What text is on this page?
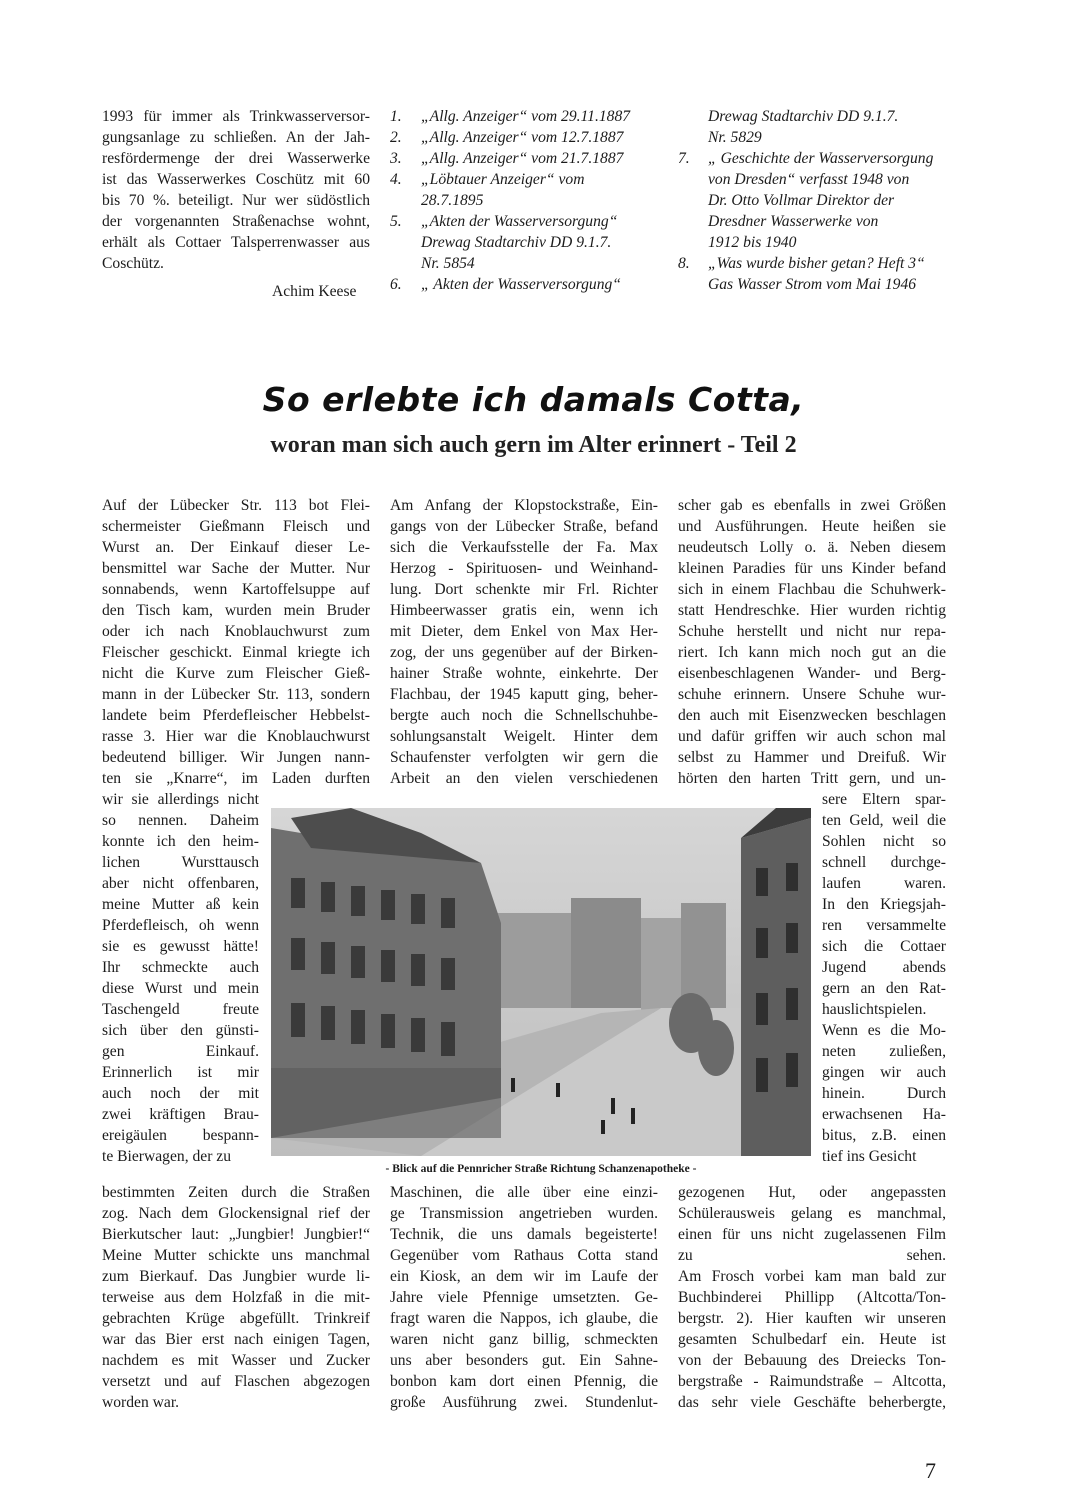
1993 für immer als Trinkwasserversor-
gungsanlage zu schließen. An der Jah-
resfördermenge der drei Wasserwerke
ist das Wasserwerkes Coschütz mit 60
bis 70 %. beteiligt. Nur wer südöstlich
der vorgenannten Straßenachse wohnt,
erhält als Cottaer Talsperrenwasser aus
Coschütz.
Achim Keese
1. „Allg. Anzeiger“ vom 29.11.1887
2. „Allg. Anzeiger“ vom 12.7.1887
3. „Allg. Anzeiger“ vom 21.7.1887
4. „Löbtauer Anzeiger“ vom
28.7.1895
5. „Akten der Wasserversorgung“
Drewag Stadtarchiv DD 9.1.7.
Nr. 5854
6. „ Akten der Wasserversorgung“
Drewag Stadtarchiv DD 9.1.7.
Nr. 5829
7. „ Geschichte der Wasserversorgung
von Dresden“ verfasst 1948 von
Dr. Otto Vollmar Direktor der
Dresdner Wasserwerke von
1912 bis 1940
8. „Was wurde bisher getan? Heft 3“
Gas Wasser Strom vom Mai 1946
So erlebte ich damals Cotta,
woran man sich auch gern im Alter erinnert - Teil 2
Auf der Lübecker Str. 113 bot Flei-
schermeister Gießmann Fleisch und
Wurst an. Der Einkauf dieser Le-
bensmittel war Sache der Mutter. Nur
sonnabends, wenn Kartoffelsuppe auf
den Tisch kam, wurden mein Bruder
oder ich nach Knoblauchwurst zum
Fleischer geschickt. Einmal kriegte ich
nicht die Kurve zum Fleischer Gieß-
mann in der Lübecker Str. 113, sondern
landete beim Pferdefleischer Hebbelst-
rasse 3. Hier war die Knoblauchwurst
bedeutend billiger. Wir Jungen nann-
ten sie „Knarre“, im Laden durften
wir sie allerdings nicht
so nennen. Daheim
konnte ich den heim-
lichen Wursttausch
aber nicht offenbaren,
meine Mutter aß kein
Pferdefleisch, oh wenn
sie es gewusst hätte!
Ihr schmeckte auch
diese Wurst und mein
Taschengeld freute
sich über den günsti-
gen Einkauf.
Erinnerlich ist mir
auch noch der mit
zwei kräftigen Brau-
ereigäulen bespann-
te Bierwagen, der zu
bestimmten Zeiten durch die Straßen
zog. Nach dem Glockensignal rief der
Bierkutscher laut: „Jungbier! Jungbier!“
Meine Mutter schickte uns manchmal
zum Bierkauf. Das Jungbier wurde li-
terweise aus dem Holzfaß in die mit-
gebrachten Krüge abgefüllt. Trinkreif
war das Bier erst nach einigen Tagen,
nachdem es mit Wasser und Zucker
versetzt und auf Flaschen abgezogen
worden war.
Am Anfang der Klopstockstraße, Ein-
gangs von der Lübecker Straße, befand
sich die Verkaufsstelle der Fa. Max
Herzog - Spirituosen- und Weinhand-
lung. Dort schenkte mir Frl. Richter
Himbeerwasser gratis ein, wenn ich
mit Dieter, dem Enkel von Max Her-
zog, der uns gegenüber auf der Birken-
hainer Straße wohnte, einkehrte. Der
Flachbau, der 1945 kaputt ging, beher-
bergte auch noch die Schnellschuhbe-
sohlungsanstalt Weigelt. Hinter dem
Schaufenster verfolgten wir gern die
Arbeit an den vielen verschiedenen
Maschinen, die alle über eine einzi-
ge Transmission angetrieben wurden.
Technik, die uns damals begeisterte!
Gegenüber vom Rathaus Cotta stand
ein Kiosk, an dem wir im Laufe der
Jahre viele Pfennige umsetzten. Ge-
fragt waren die Nappos, ich glaube, die
waren nicht ganz billig, schmeckten
uns aber besonders gut. Ein Sahne-
bonbon kam dort einen Pfennig, die
große Ausführung zwei. Stundenlut-
scher gab es ebenfalls in zwei Größen
und Ausführungen. Heute heißen sie
neudeutsch Lolly o. ä. Neben diesem
kleinen Paradies für uns Kinder befand
sich in einem Flachbau die Schuhwerk-
statt Hendreschke. Hier wurden richtig
Schuhe herstellt und nicht nur repa-
riert. Ich kann mich noch gut an die
eisenbeschlagenen Wander- und Berg-
schuhe erinnern. Unsere Schuhe wur-
den auch mit Eisenzwecken beschlagen
und dafür griffen wir auch schon mal
selbst zu Hammer und Dreifuß. Wir
hörten den harten Tritt gern, und un-
sere Eltern spar-
ten Geld, weil die
Sohlen nicht so
schnell durchge-
laufen waren.
In den Kriegsjah-
ren versammelte
sich die Cottaer
Jugend abends
gern an den Rat-
hauslichtspielen.
Wenn es die Mo-
neten zuließen,
gingen wir auch
hinein. Durch
erwachsenen Ha-
bitus, z.B. einen
tief ins Gesicht
gezogenen Hut, oder angepassten
Schülerausweis gelang es manchmal,
einen für uns nicht zugelassenen Film
zu sehen.
Am Frosch vorbei kam man bald zur
Buchbinderei Phillipp (Altcotta/Ton-
bergstr. 2). Hier kauften wir unseren
gesamten Schulbedarf ein. Heute ist
von der Bebauung des Dreiecks Ton-
bergstraße - Raimundstraße – Altcotta,
das sehr viele Geschäfte beherbergte,
- Blick auf die Pennricher Straße Richtung Schanzenapotheke -
7
